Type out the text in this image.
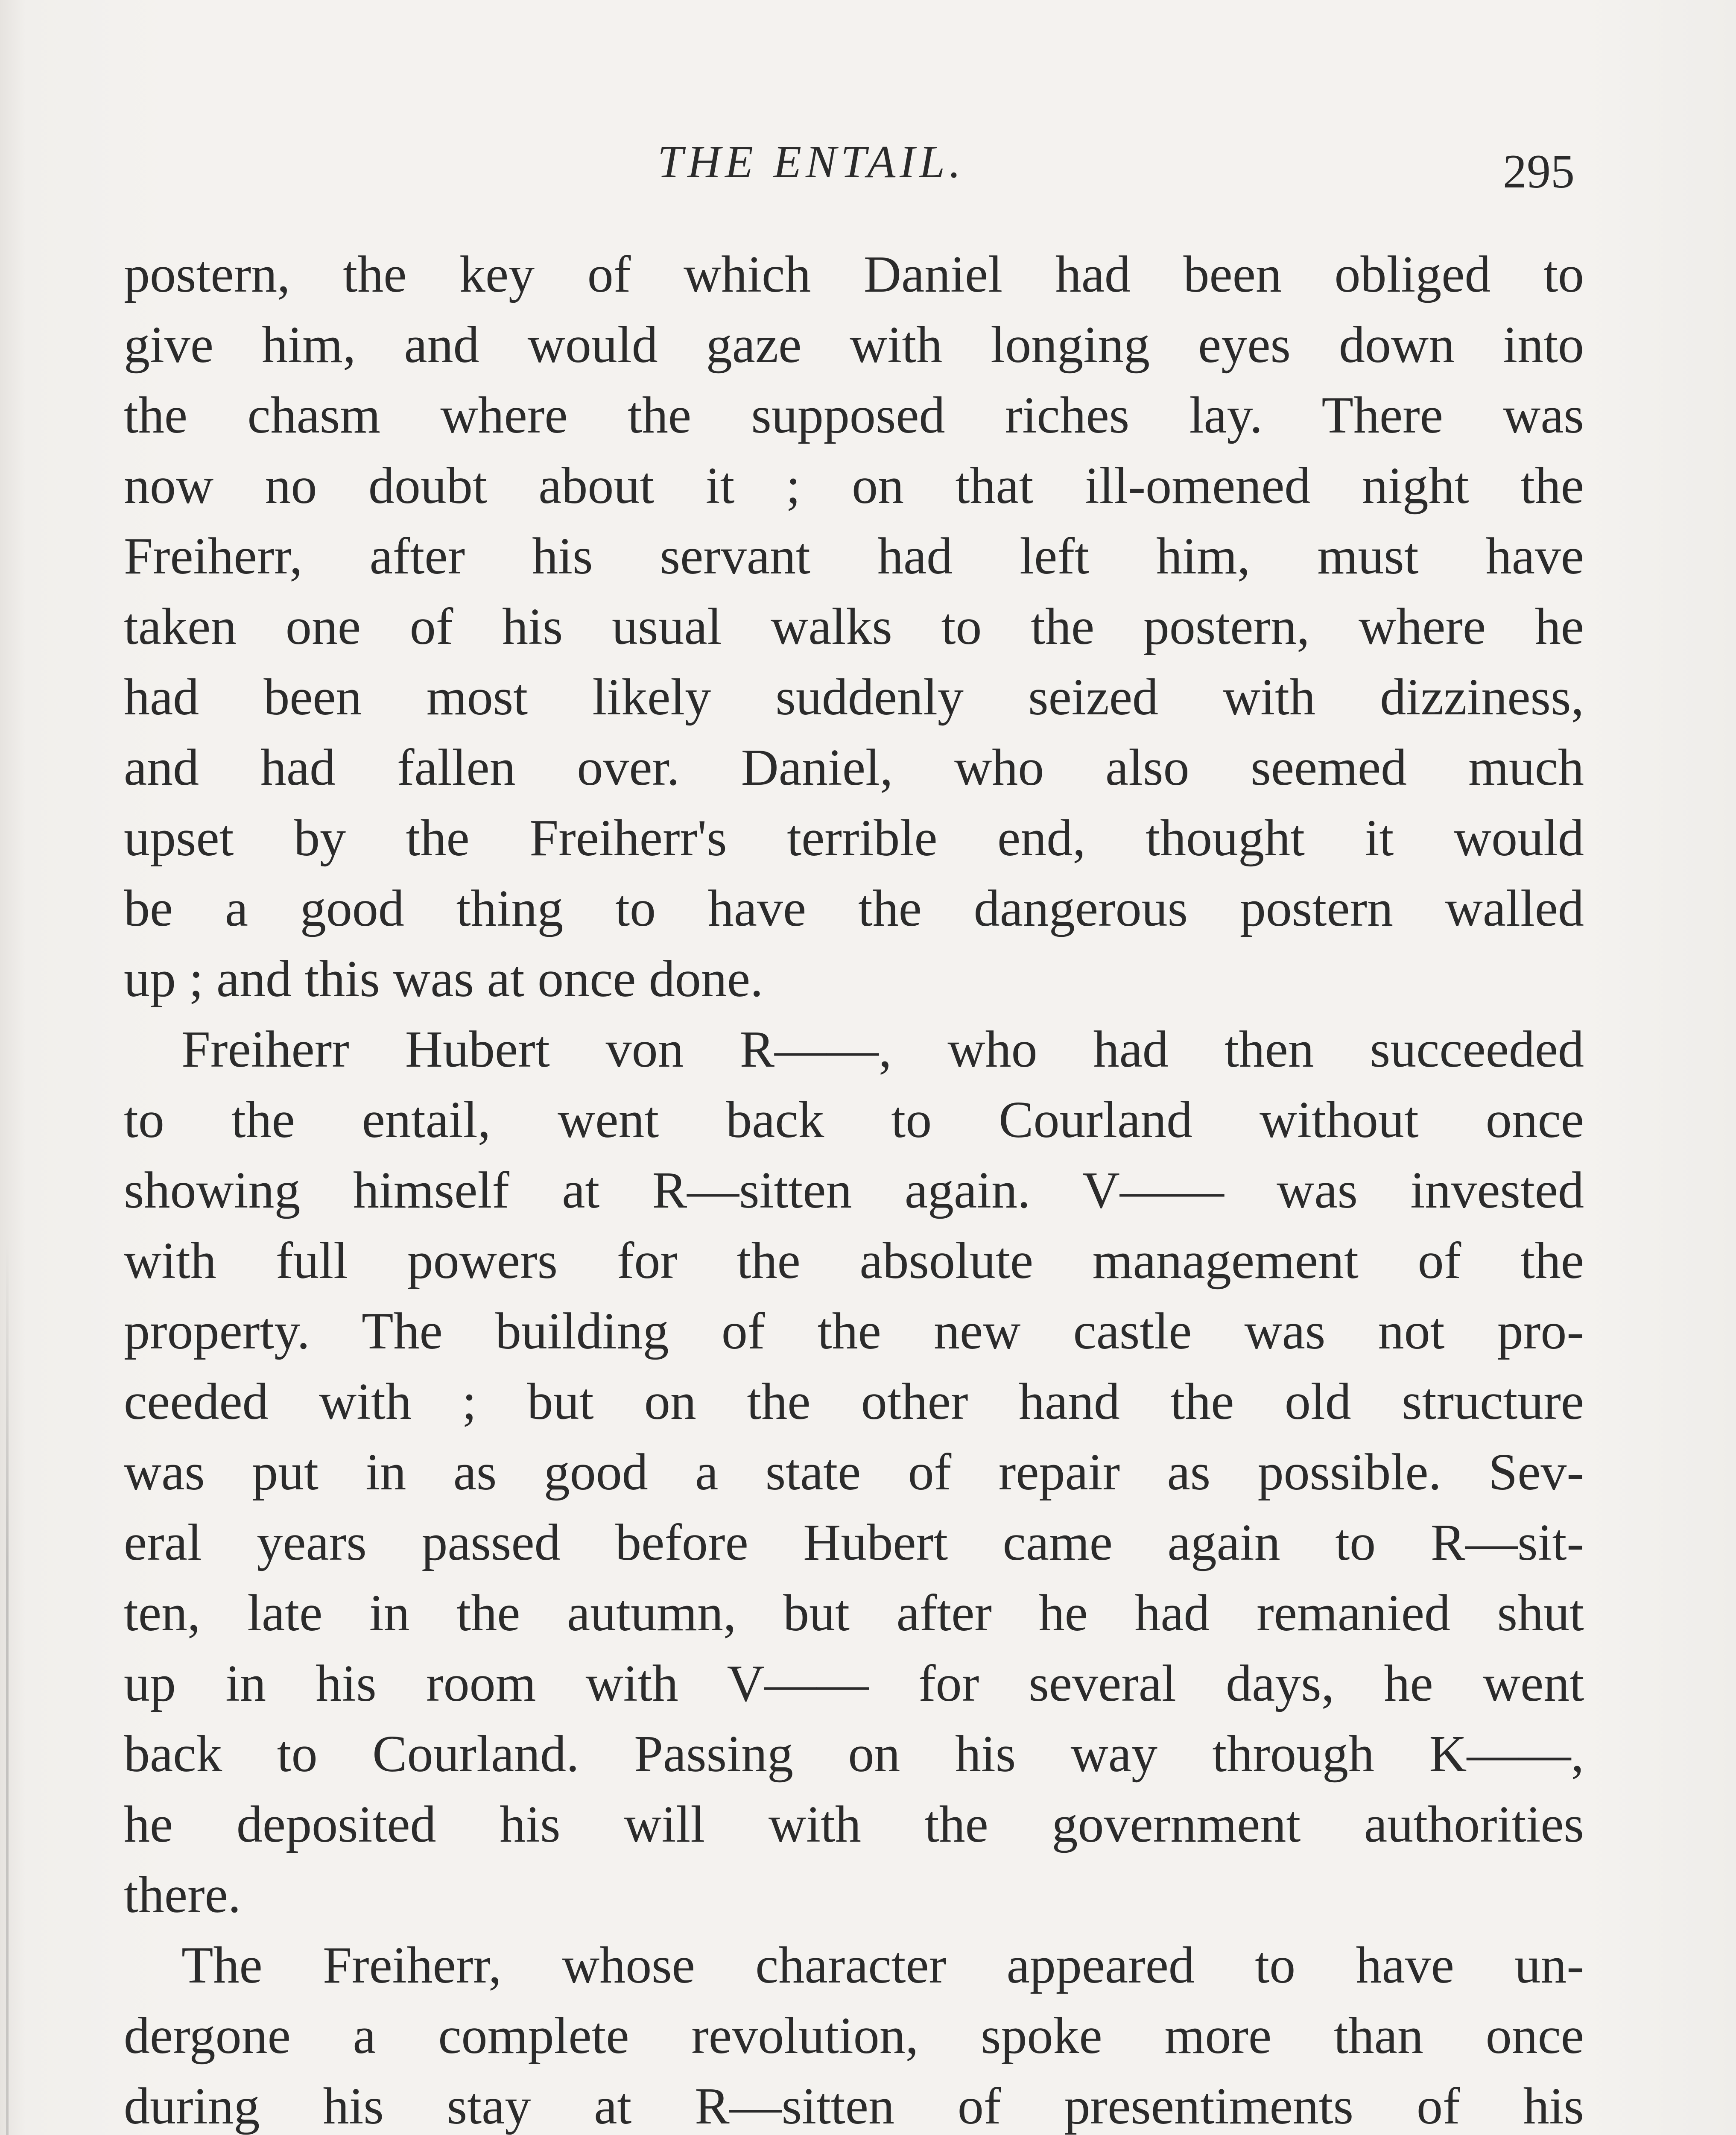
THE ENTAIL.	295
postern, the key of which Daniel had been obliged to
give him, and would gaze with longing eyes down into
the chasm where the supposed riches lay. There was
now no doubt about it ; on that ill-omened night the
Freiherr, after his servant had left him, must have
taken one of his usual walks to the postern, where he
had been most likely suddenly seized with dizziness,
and had fallen over. Daniel, who also seemed much
upset by the Freiherr's terrible end, thought it would
be a good thing to have the dangerous postern walled
up ; and this was at once done.
Freiherr Hubert von R——, who had then succeeded
to the entail, went back to Courland without once
showing himself at R—sitten again. V—— was invested
with full powers for the absolute management of the
property. The building of the new castle was not pro-
ceeded with ; but on the other hand the old structure
was put in as good a state of repair as possible. Sev-
eral years passed before Hubert came again to R—sit-
ten, late in the autumn, but after he had remanied shut
up in his room with V—— for several days, he went
back to Courland. Passing on his way through K——,
he deposited his will with the government authorities
there.
The Freiherr, whose character appeared to have un-
dergone a complete revolution, spoke more than once
during his stay at R—sitten of presentiments of his
